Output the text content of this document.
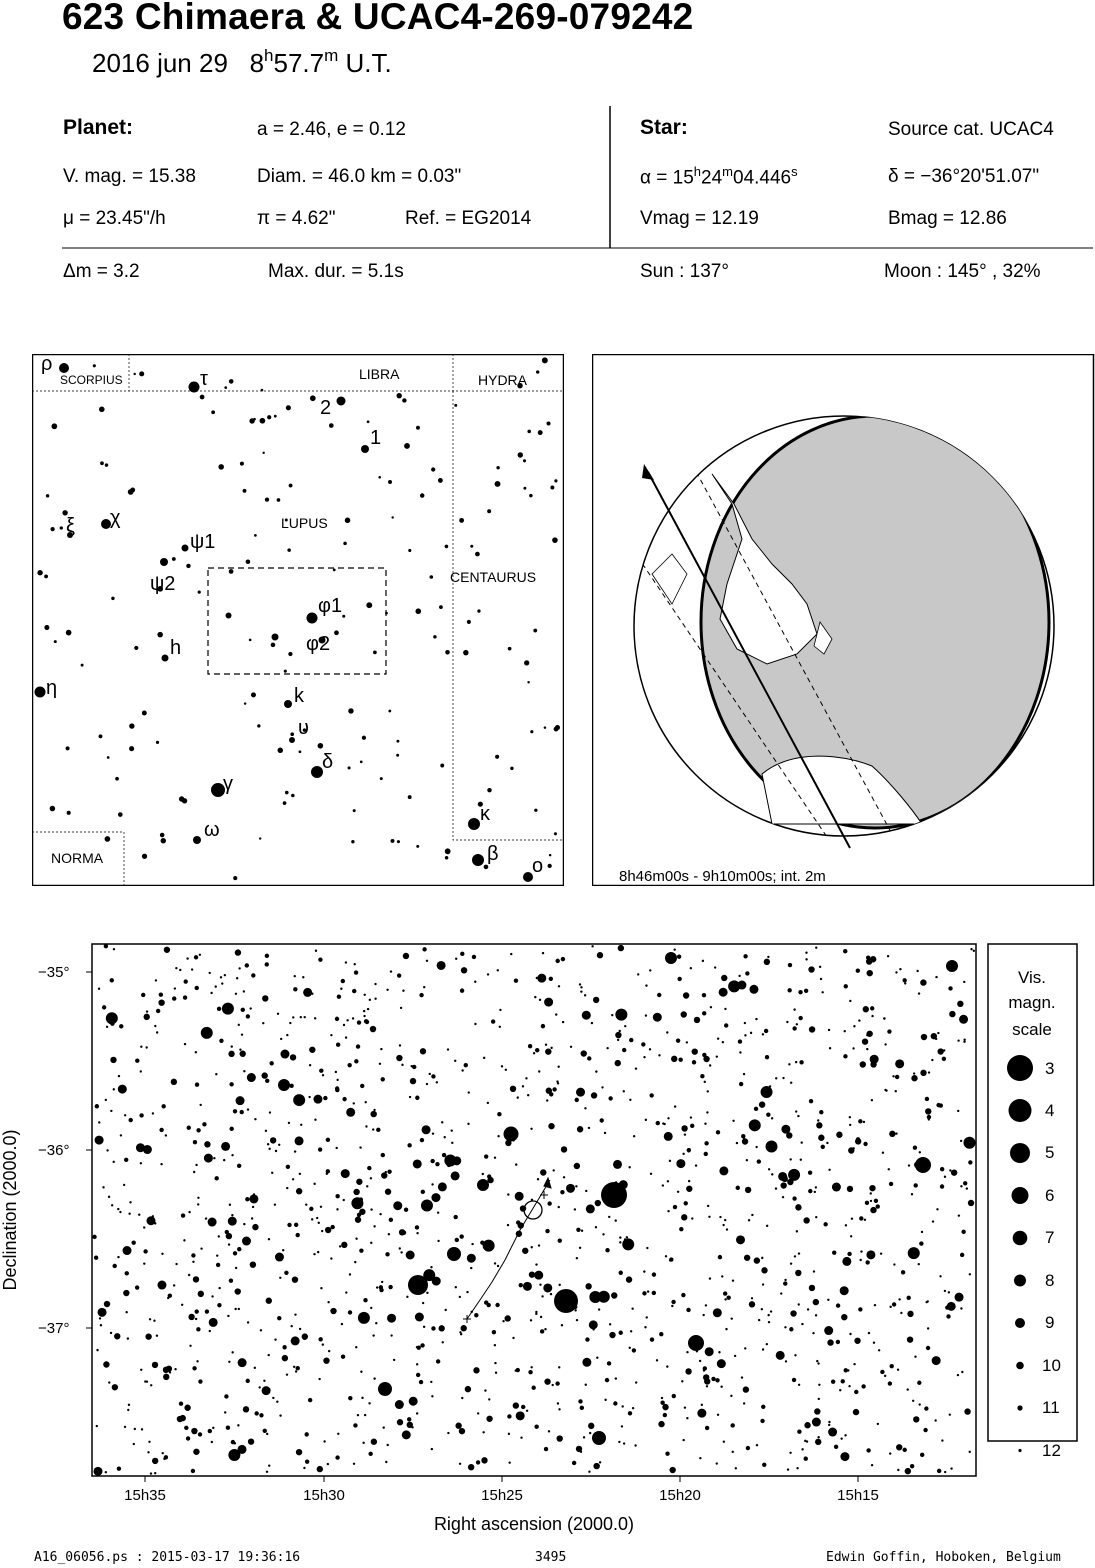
623 Chimaera & UCAC4-269-079242
2016 jun 29 8$^h$57.7$^m$ U.T.
Planet:	a = 2.46, e = 0.12
V. mag. = 15.38	Diam. = 46.0 km = 0.03"
μ = 23.45"/h	π = 4.62"	Ref. = EG2014
Star:	Source cat. UCAC4
$\alpha = 15^h24^m04.446^s$	δ = −36°20'51.07"
Vmag = 12.19	Bmag = 12.86
Δm = 3.2	Max. dur. = 5.1s	Sun : 137°	Moon : 145° , 32%
SCORPIUS	LIBRA	HYDRA
LUPUS
CENTAURUS
NORMA
ρ
τ
2
1
ξ χ
ψ1
ψ2
φ1
φ2
h
η	k
υ
δ
γ
ω
κ
β
o	8h46m00s - 9h10m00s; int. 2m
−35°
−36°
−37°
15h35	15h30	15h25	15h20	15h15
Right ascension (2000.0)
Declination (2000.0)
Vis.
magn.
scale
3
4
5
6
7
8
9
10
11
12
A16_06056.ps : 2015-03-17 19:36:16	3495	Edwin Goffin, Hoboken, Belgium
